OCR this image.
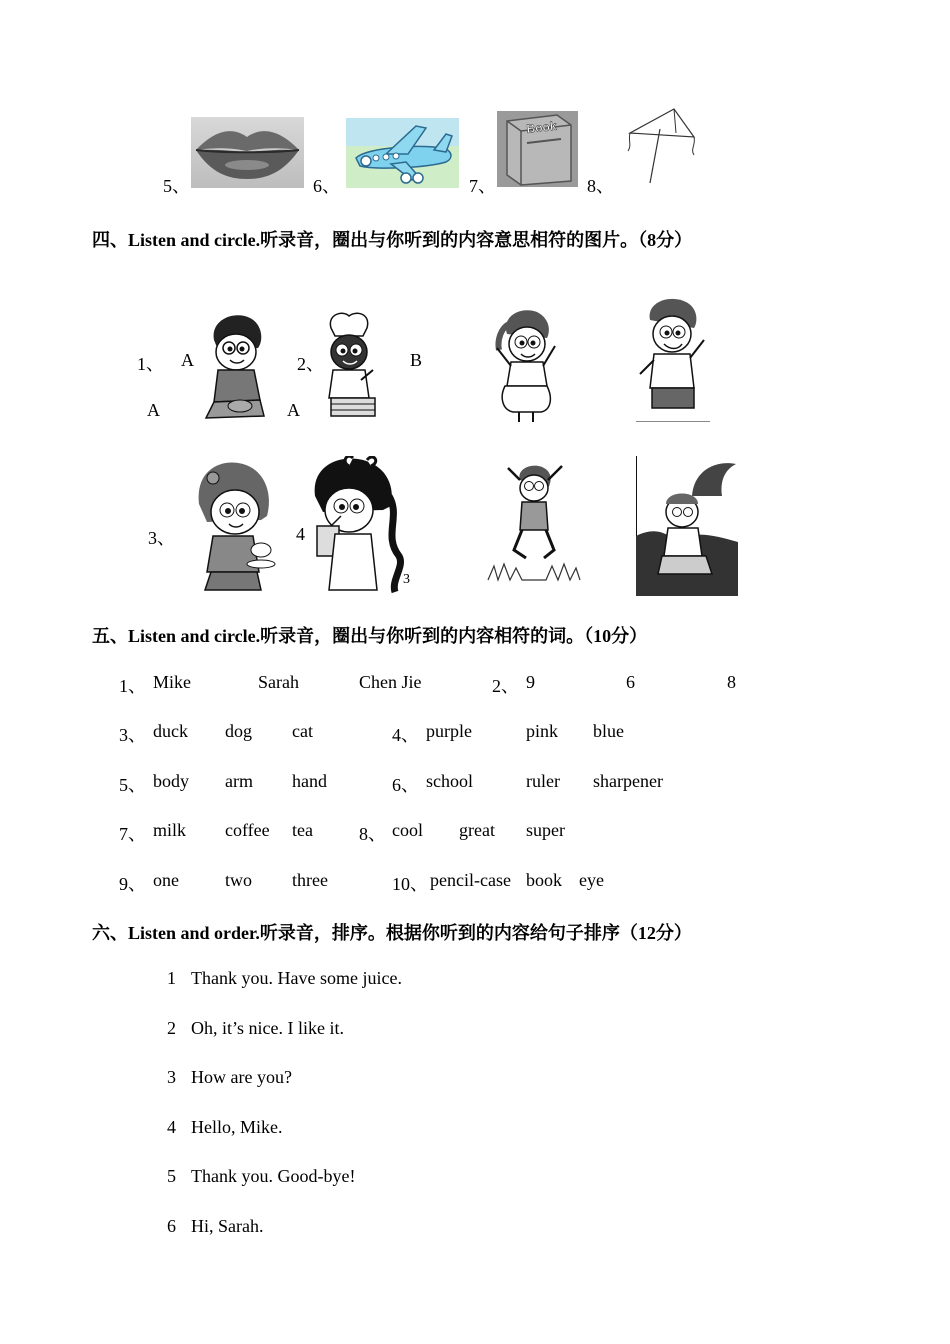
5、	6、	7、
Book
8、
四、Listen and circle.听录音，圈出与你听到的内容意思相符的图片。（8分）
1、 A
A
2、
A
B
3、	4
3
五、Listen and circle.听录音，圈出与你听到的内容相符的词。（10分）
1、 Mike	Sarah	Chen Jie	2、 9	6	8
3、 duck dog cat	4、 purple	pink blue
5、 body arm hand	6、 school	ruler sharpener
7、 milk coffee tea	8、 cool great super
9、 one	two three	10、 pencil-case book eye
六、Listen and order.听录音，排序。根据你听到的内容给句子排序（12分）
1 Thank you. Have some juice.
2 Oh, it’s nice. I like it.
3 How are you?
4 Hello, Mike.
5 Thank you. Good-bye!
6 Hi, Sarah.
